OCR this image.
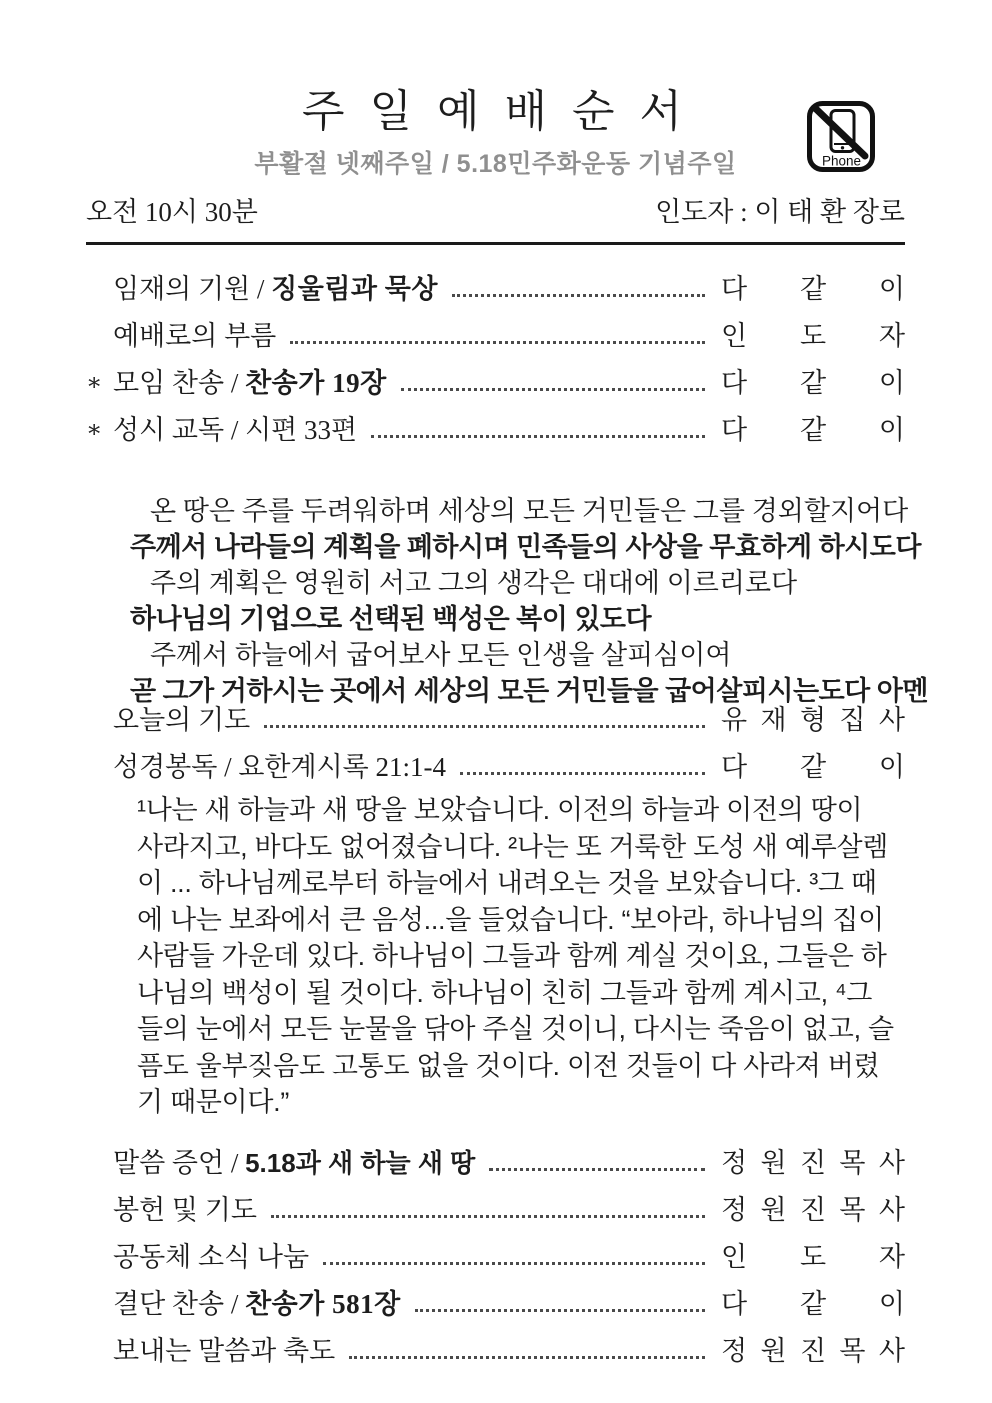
주 일 예 배 순 서
Phone
부활절 넷째주일 / 5.18민주화운동 기념주일
오전 10시 30분	인도자 : 이 태 환 장로
임재의 기원 / 징울림과 묵상	다 같 이
예배로의 부름	인 도 자
∗ 모임 찬송 / 찬송가 19장	다 같 이
∗ 성시 교독 / 시편 33편	다 같 이

온 땅은 주를 두려워하며 세상의 모든 거민들은 그를 경외할지어다

주께서 나라들의 계획을 폐하시며 민족들의 사상을 무효하게 하시도다

주의 계획은 영원히 서고 그의 생각은 대대에 이르리로다

하나님의 기업으로 선택된 백성은 복이 있도다

주께서 하늘에서 굽어보사 모든 인생을 살피심이여

곧 그가 거하시는 곳에서 세상의 모든 거민들을 굽어살피시는도다 아멘

오늘의 기도	유 재 형 집 사
성경봉독 / 요한계시록 21:1-4	다 같 이
¹나는 새 하늘과 새 땅을 보았습니다. 이전의 하늘과 이전의 땅이 사라지고, 바다도 없어졌습니다. ²나는 또 거룩한 도성 새 예루살렘이 ... 하나님께로부터 하늘에서 내려오는 것을 보았습니다. ³그 때에 나는 보좌에서 큰 음성...을 들었습니다. “보아라, 하나님의 집이 사람들 가운데 있다. 하나님이 그들과 함께 계실 것이요, 그들은 하나님의 백성이 될 것이다. 하나님이 친히 그들과 함께 계시고, ⁴그들의 눈에서 모든 눈물을 닦아 주실 것이니, 다시는 죽음이 없고, 슬픔도 울부짖음도 고통도 없을 것이다. 이전 것들이 다 사라져 버렸기 때문이다.”
말씀 증언 / 5.18과 새 하늘 새 땅	정 원 진 목 사
봉헌 및 기도	정 원 진 목 사
공동체 소식 나눔	인 도 자
결단 찬송 / 찬송가 581장	다 같 이
보내는 말씀과 축도	정 원 진 목 사
